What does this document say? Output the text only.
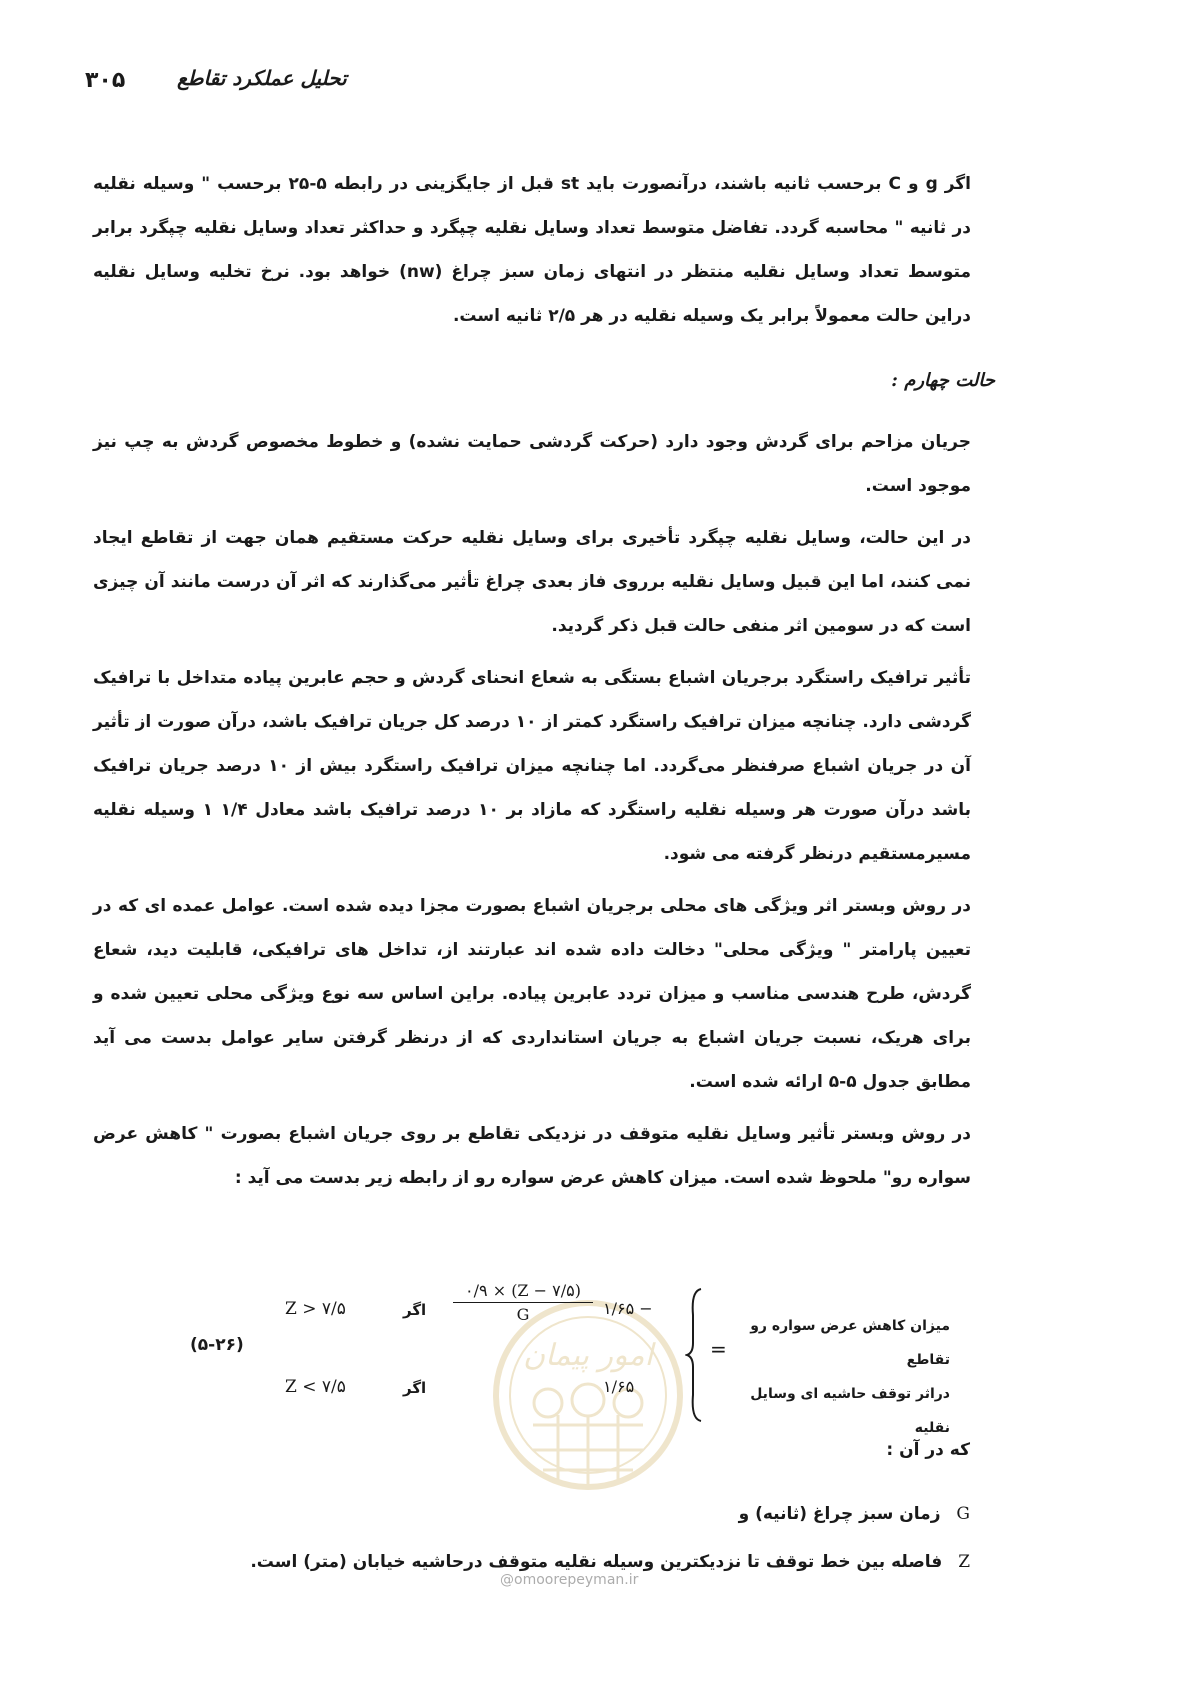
۳۰۵	تحلیل عملکرد تقاطع

اگر g و C برحسب ثانیه باشند، درآنصورت باید st قبل از جایگزینی در رابطه ۵-۲۵ برحسب " وسیله نقلیه در ثانیه " محاسبه گردد. تفاضل متوسط تعداد وسایل نقلیه چپگرد و حداکثر تعداد وسایل نقلیه چپگرد برابر متوسط تعداد وسایل نقلیه منتظر در انتهای زمان سبز چراغ (nw) خواهد بود. نرخ تخلیه وسایل نقلیه دراین حالت معمولاً برابر یک وسیله نقلیه در هر ۲/۵ ثانیه است.

حالت چهارم :

جریان مزاحم برای گردش وجود دارد (حرکت گردشی حمایت نشده) و خطوط مخصوص گردش به چپ نیز موجود است.

در این حالت، وسایل نقلیه چپگرد تأخیری برای وسایل نقلیه حرکت مستقیم همان جهت از تقاطع ایجاد نمی کنند، اما این قبیل وسایل نقلیه برروی فاز بعدی چراغ تأثیر می‌گذارند که اثر آن درست مانند آن چیزی است که در سومین اثر منفی حالت قبل ذکر گردید.

تأثیر ترافیک راستگرد برجریان اشباع بستگی به شعاع انحنای گردش و حجم عابرین پیاده متداخل با ترافیک گردشی دارد. چنانچه میزان ترافیک راستگرد کمتر از ۱۰ درصد کل جریان ترافیک باشد، درآن صورت از تأثیر آن در جریان اشباع صرفنظر می‌گردد. اما چنانچه میزان ترافیک راستگرد بیش از ۱۰ درصد جریان ترافیک باشد درآن صورت هر وسیله نقلیه راستگرد که مازاد بر ۱۰ درصد ترافیک باشد معادل ۱/۴ ۱ وسیله نقلیه مسیرمستقیم درنظر گرفته می شود.

در روش وبستر اثر ویژگی های محلی برجریان اشباع بصورت مجزا دیده شده است. عوامل عمده ای که در تعیین پارامتر " ویژگی محلی" دخالت داده شده اند عبارتند از، تداخل های ترافیکی، قابلیت دید، شعاع گردش، طرح هندسی مناسب و میزان تردد عابرین پیاده. براین اساس سه نوع ویژگی محلی تعیین شده و برای هریک، نسبت جریان اشباع به جریان استانداردی که از درنظر گرفتن سایر عوامل بدست می آید مطابق جدول ۵-۵ ارائه شده است.

در روش وبستر تأثیر وسایل نقلیه متوقف در نزدیکی تقاطع بر روی جریان اشباع بصورت " کاهش عرض سواره رو" ملحوظ شده است. میزان کاهش عرض سواره رو از رابطه زیر بدست می آید :

امور پیمان
(۵-۲۶)
Z > ۷/۵	اگر $\frac{۰/۹ \times (Z - ۷/۵)}{G}$ ۱/۶۵ −
Z < ۷/۵	اگر	۱/۶۵
=
میزان کاهش عرض سواره رو تقاطع
دراثر توقف حاشیه ای وسایل نقلیه
که در آن :
G زمان سبز چراغ (ثانیه) و
Z فاصله بین خط توقف تا نزدیکترین وسیله نقلیه متوقف درحاشیه خیابان (متر) است.
@omoorepeyman.ir
